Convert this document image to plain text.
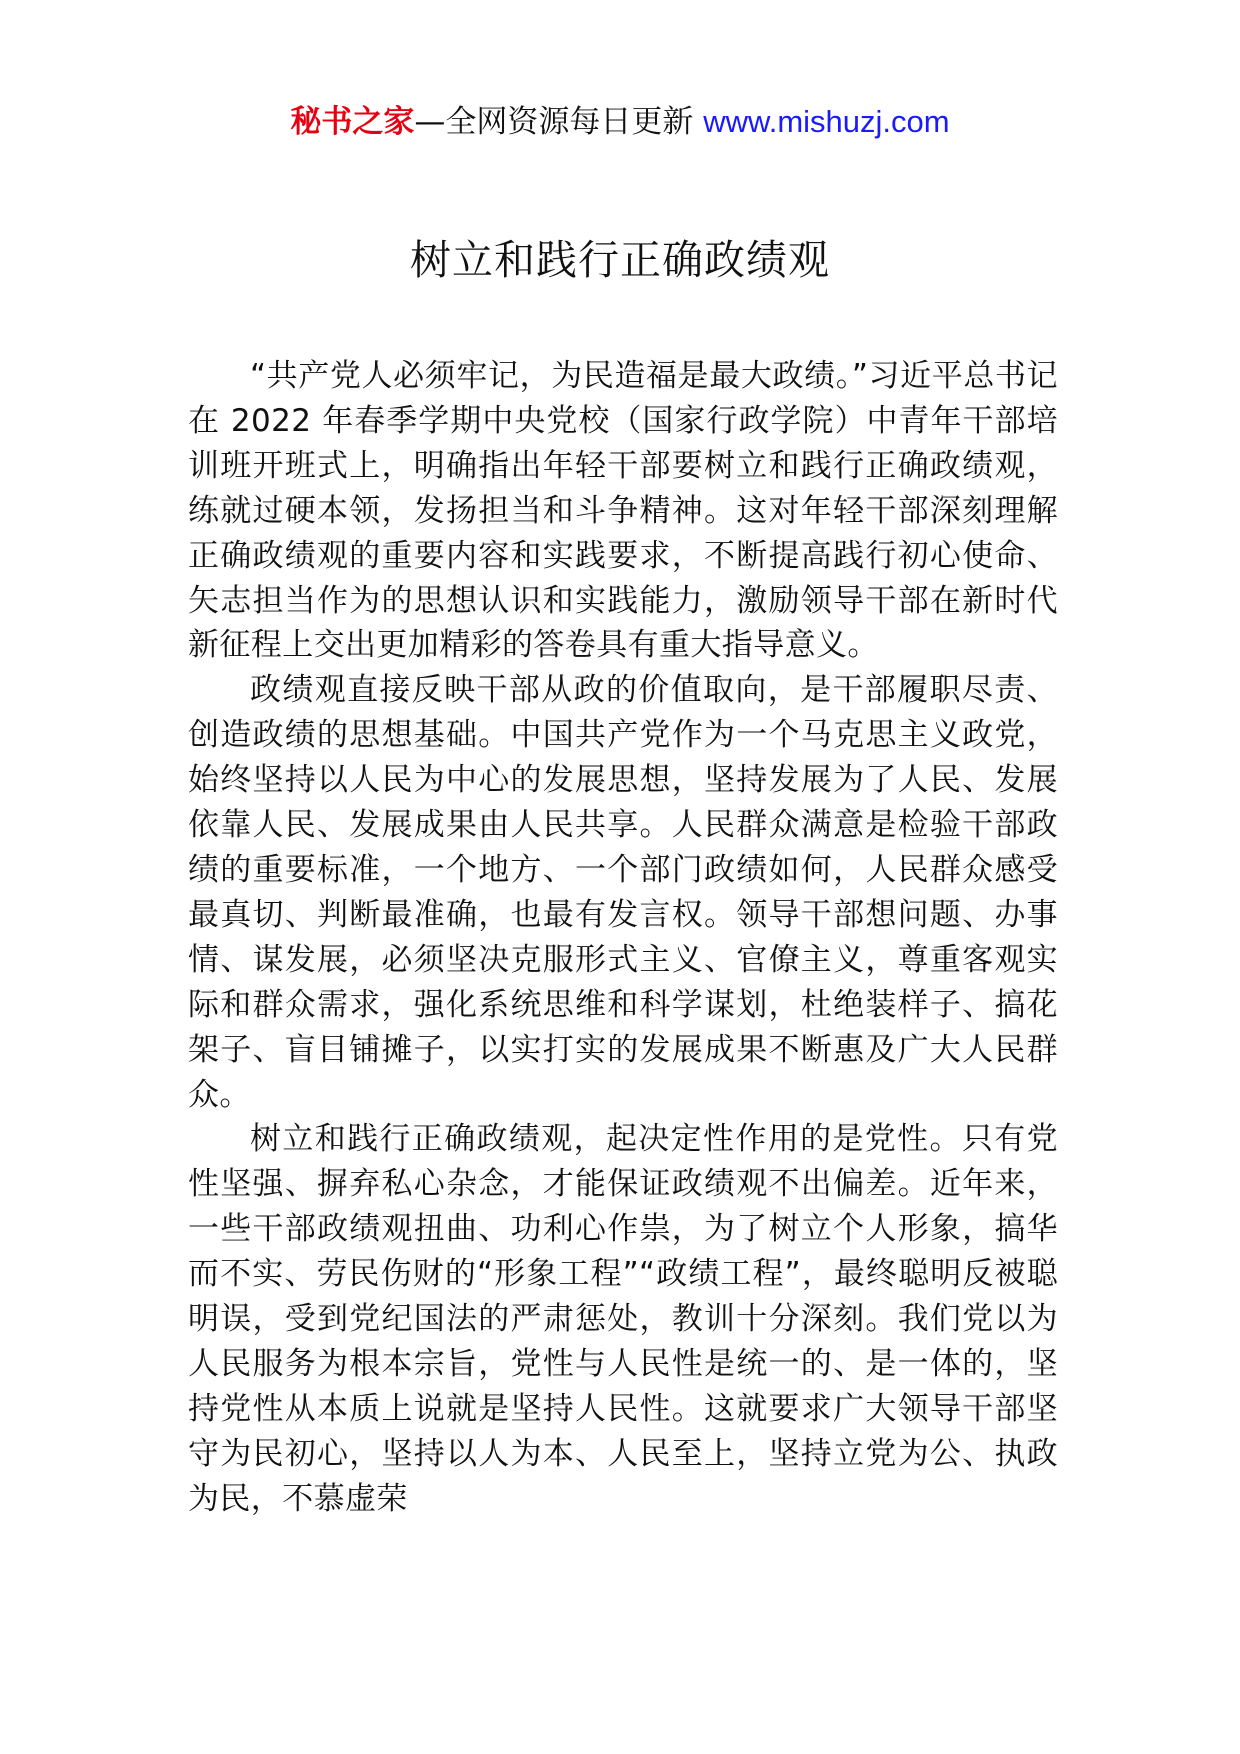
秘书之家—全网资源每日更新 www.mishuzj.com
树立和践行正确政绩观

“共产党人必须牢记，为民造福是最大政绩。”习近平总书记在 2022 年春季学期中央党校（国家行政学院）中青年干部培训班开班式上，明确指出年轻干部要树立和践行正确政绩观，练就过硬本领，发扬担当和斗争精神。这对年轻干部深刻理解正确政绩观的重要内容和实践要求，不断提高践行初心使命、矢志担当作为的思想认识和实践能力，激励领导干部在新时代新征程上交出更加精彩的答卷具有重大指导意义。

政绩观直接反映干部从政的价值取向，是干部履职尽责、创造政绩的思想基础。中国共产党作为一个马克思主义政党，始终坚持以人民为中心的发展思想，坚持发展为了人民、发展依靠人民、发展成果由人民共享。人民群众满意是检验干部政绩的重要标准，一个地方、一个部门政绩如何，人民群众感受最真切、判断最准确，也最有发言权。领导干部想问题、办事情、谋发展，必须坚决克服形式主义、官僚主义，尊重客观实际和群众需求，强化系统思维和科学谋划，杜绝装样子、搞花架子、盲目铺摊子，以实打实的发展成果不断惠及广大人民群众。

树立和践行正确政绩观，起决定性作用的是党性。只有党性坚强、摒弃私心杂念，才能保证政绩观不出偏差。近年来，一些干部政绩观扭曲、功利心作祟，为了树立个人形象，搞华而不实、劳民伤财的“形象工程”“政绩工程”，最终聪明反被聪明误，受到党纪国法的严肃惩处，教训十分深刻。我们党以为人民服务为根本宗旨，党性与人民性是统一的、是一体的，坚持党性从本质上说就是坚持人民性。这就要求广大领导干部坚守为民初心，坚持以人为本、人民至上，坚持立党为公、执政为民，不慕虚荣
